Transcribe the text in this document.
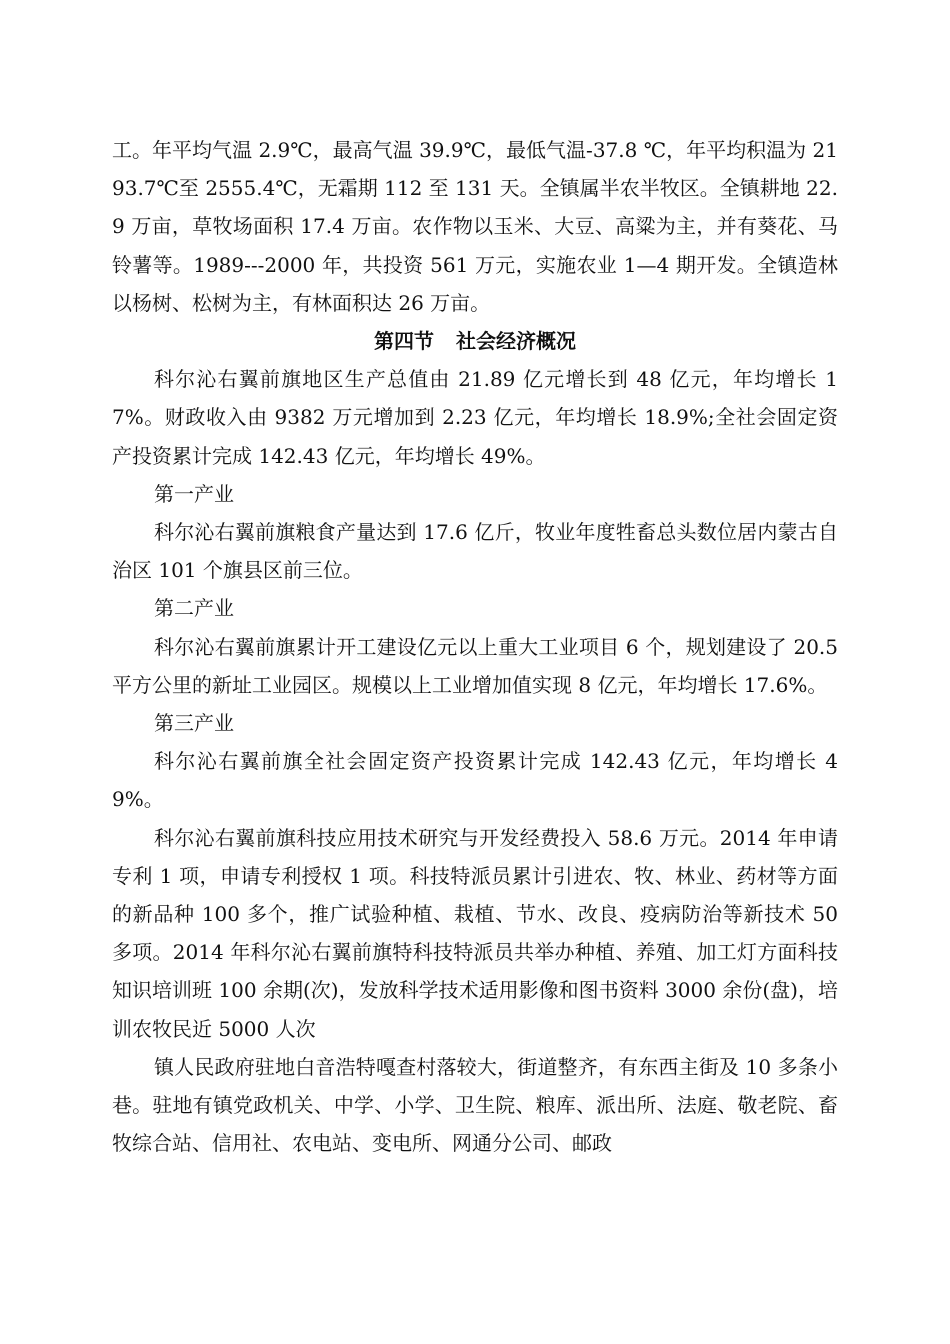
工。年平均气温 2.9℃，最高气温 39.9℃，最低气温-37.8 ℃，年平均积温为 2193.7℃至 2555.4℃，无霜期 112 至 131 天。全镇属半农半牧区。全镇耕地 22.9 万亩，草牧场面积 17.4 万亩。农作物以玉米、大豆、高粱为主，并有葵花、马铃薯等。1989---2000 年，共投资 561 万元，实施农业 1—4 期开发。全镇造林以杨树、松树为主，有林面积达 26 万亩。

第四节 社会经济概况

科尔沁右翼前旗地区生产总值由 21.89 亿元增长到 48 亿元，年均增长 17%。财政收入由 9382 万元增加到 2.23 亿元，年均增长 18.9%;全社会固定资产投资累计完成 142.43 亿元，年均增长 49%。

第一产业

科尔沁右翼前旗粮食产量达到 17.6 亿斤，牧业年度牲畜总头数位居内蒙古自治区 101 个旗县区前三位。

第二产业

科尔沁右翼前旗累计开工建设亿元以上重大工业项目 6 个，规划建设了 20.5 平方公里的新址工业园区。规模以上工业增加值实现 8 亿元，年均增长 17.6%。

第三产业

科尔沁右翼前旗全社会固定资产投资累计完成 142.43 亿元，年均增长 49%。

科尔沁右翼前旗科技应用技术研究与开发经费投入 58.6 万元。2014 年申请专利 1 项，申请专利授权 1 项。科技特派员累计引进农、牧、林业、药材等方面的新品种 100 多个，推广试验种植、栽植、节水、改良、疫病防治等新技术 50 多项。2014 年科尔沁右翼前旗特科技特派员共举办种植、养殖、加工灯方面科技知识培训班 100 余期(次)，发放科学技术适用影像和图书资料 3000 余份(盘)，培训农牧民近 5000 人次

镇人民政府驻地白音浩特嘎查村落较大，街道整齐，有东西主街及 10 多条小巷。驻地有镇党政机关、中学、小学、卫生院、粮库、派出所、法庭、敬老院、畜牧综合站、信用社、农电站、变电所、网通分公司、邮政
